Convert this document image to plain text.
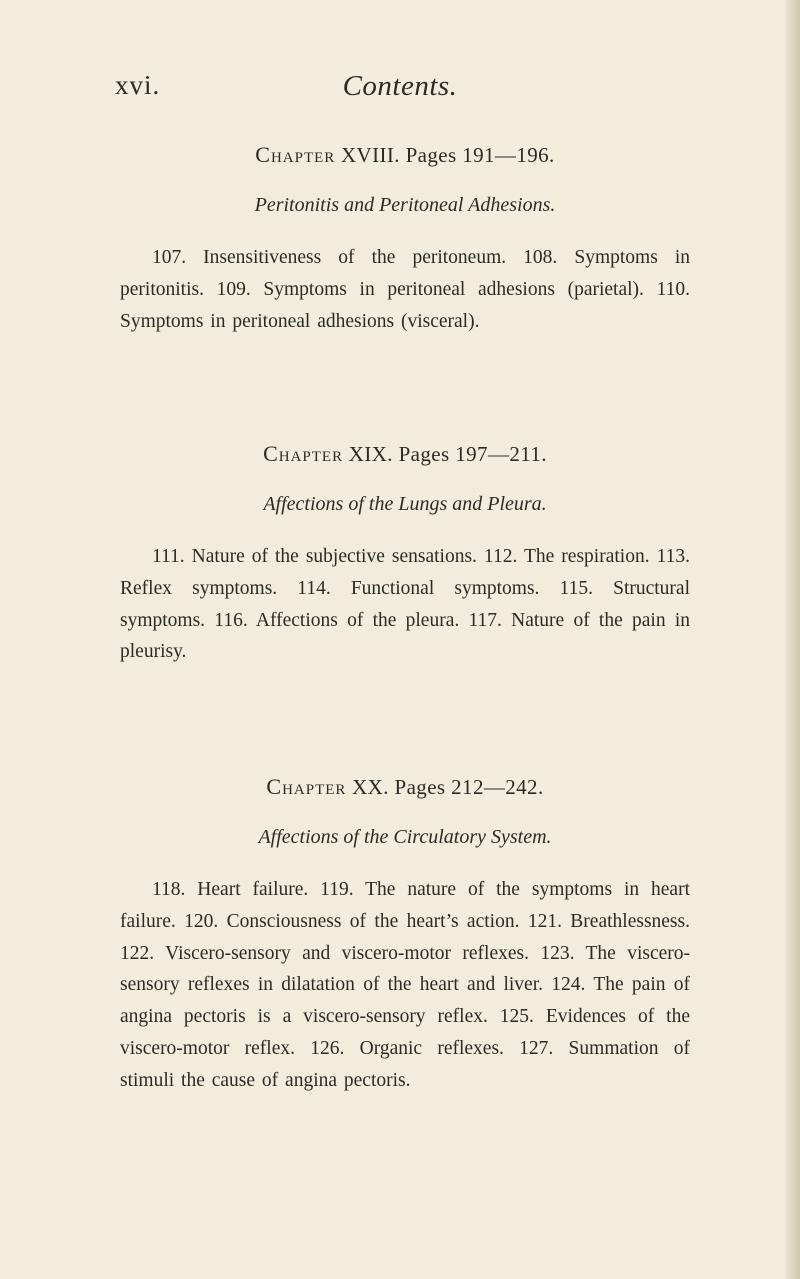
xvi.	Contents.
Chapter XVIII. Pages 191—196.
Peritonitis and Peritoneal Adhesions.

107. Insensitiveness of the peritoneum. 108. Symptoms in peritonitis. 109. Symptoms in peritoneal adhesions (parietal). 110. Symptoms in peritoneal adhesions (visceral).

Chapter XIX. Pages 197—211.
Affections of the Lungs and Pleura.

111. Nature of the subjective sensations. 112. The respiration. 113. Reflex symptoms. 114. Functional symptoms. 115. Structural symptoms. 116. Affections of the pleura. 117. Nature of the pain in pleurisy.

Chapter XX. Pages 212—242.
Affections of the Circulatory System.

118. Heart failure. 119. The nature of the symptoms in heart failure. 120. Consciousness of the heart’s action. 121. Breathlessness. 122. Viscero-sensory and viscero-motor reflexes. 123. The viscero-sensory reflexes in dilatation of the heart and liver. 124. The pain of angina pectoris is a viscero-sensory reflex. 125. Evidences of the viscero-motor reflex. 126. Organic reflexes. 127. Summation of stimuli the cause of angina pectoris.
